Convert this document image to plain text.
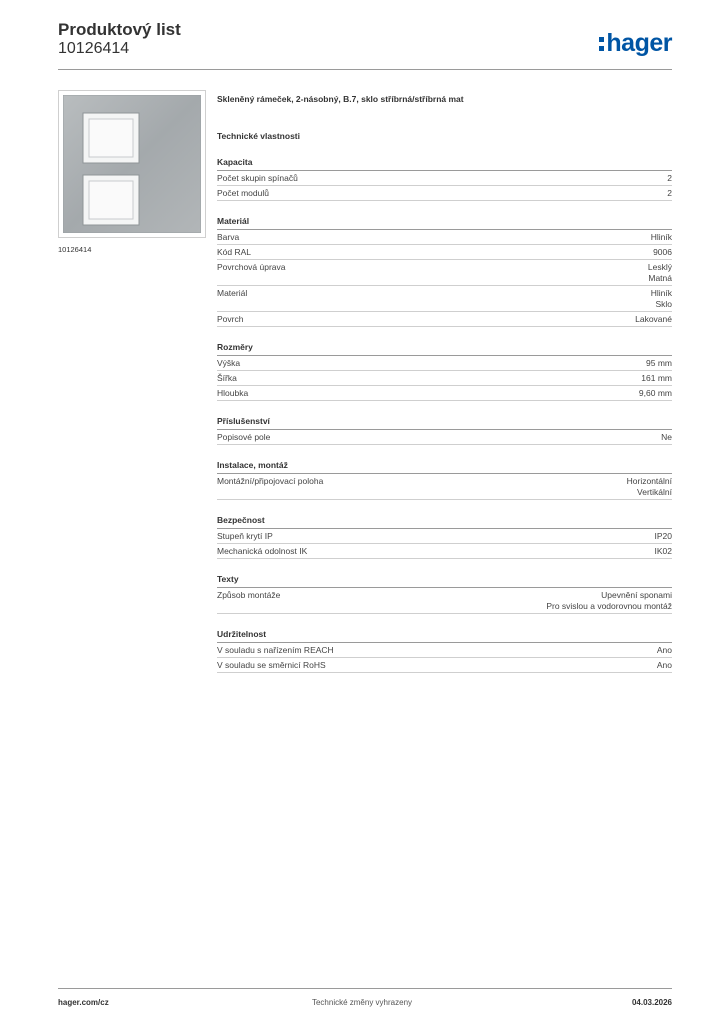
Produktový list
10126414	hager
10126414
Skleněný rámeček, 2-násobný, B.7, sklo stříbrná/stříbrná mat
Technické vlastnosti
Kapacita
Počet skupin spínačů	2
Počet modulů	2
Materiál
Barva	Hliník
Kód RAL	9006
Povrchová úprava	Lesklý
Matná
Materiál	Hliník
Sklo
Povrch	Lakované
Rozměry
Výška	95 mm
Šířka	161 mm
Hloubka	9,60 mm
Příslušenství
Popisové pole	Ne
Instalace, montáž
Montážní/připojovací poloha	Horizontální
Vertikální
Bezpečnost
Stupeň krytí IP	IP20
Mechanická odolnost IK	IK02
Texty
Způsob montáže	Upevnění sponami
Pro svislou a vodorovnou montáž
Udržitelnost
V souladu s nařízením REACH	Ano
V souladu se směrnicí RoHS	Ano
hager.com/cz	Technické změny vyhrazeny	04.03.2026
